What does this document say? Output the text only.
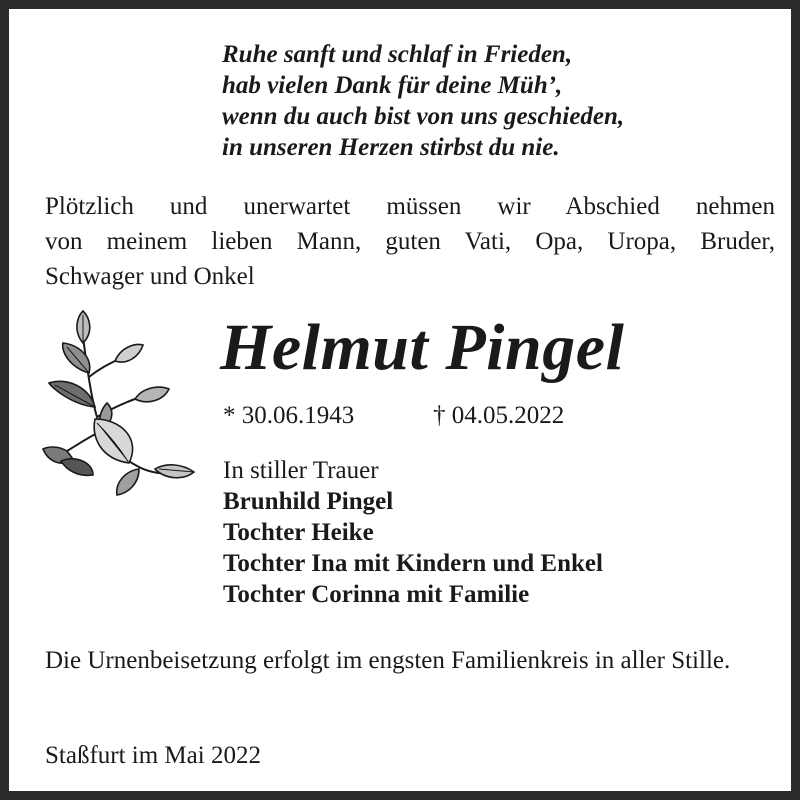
Ruhe sanft und schlaf in Frieden,
hab vielen Dank für deine Müh’,
wenn du auch bist von uns geschieden,
in unseren Herzen stirbst du nie.
Plötzlich und unerwartet müssen wir Abschied nehmen
von meinem lieben Mann, guten Vati, Opa, Uropa, Bruder,
Schwager und Onkel
Helmut Pingel
* 30.06.1943	† 04.05.2022
In stiller Trauer
Brunhild Pingel
Tochter Heike
Tochter Ina mit Kindern und Enkel
Tochter Corinna mit Familie
Die Urnenbeisetzung erfolgt im engsten Familienkreis in aller Stille.
Staßfurt im Mai 2022
